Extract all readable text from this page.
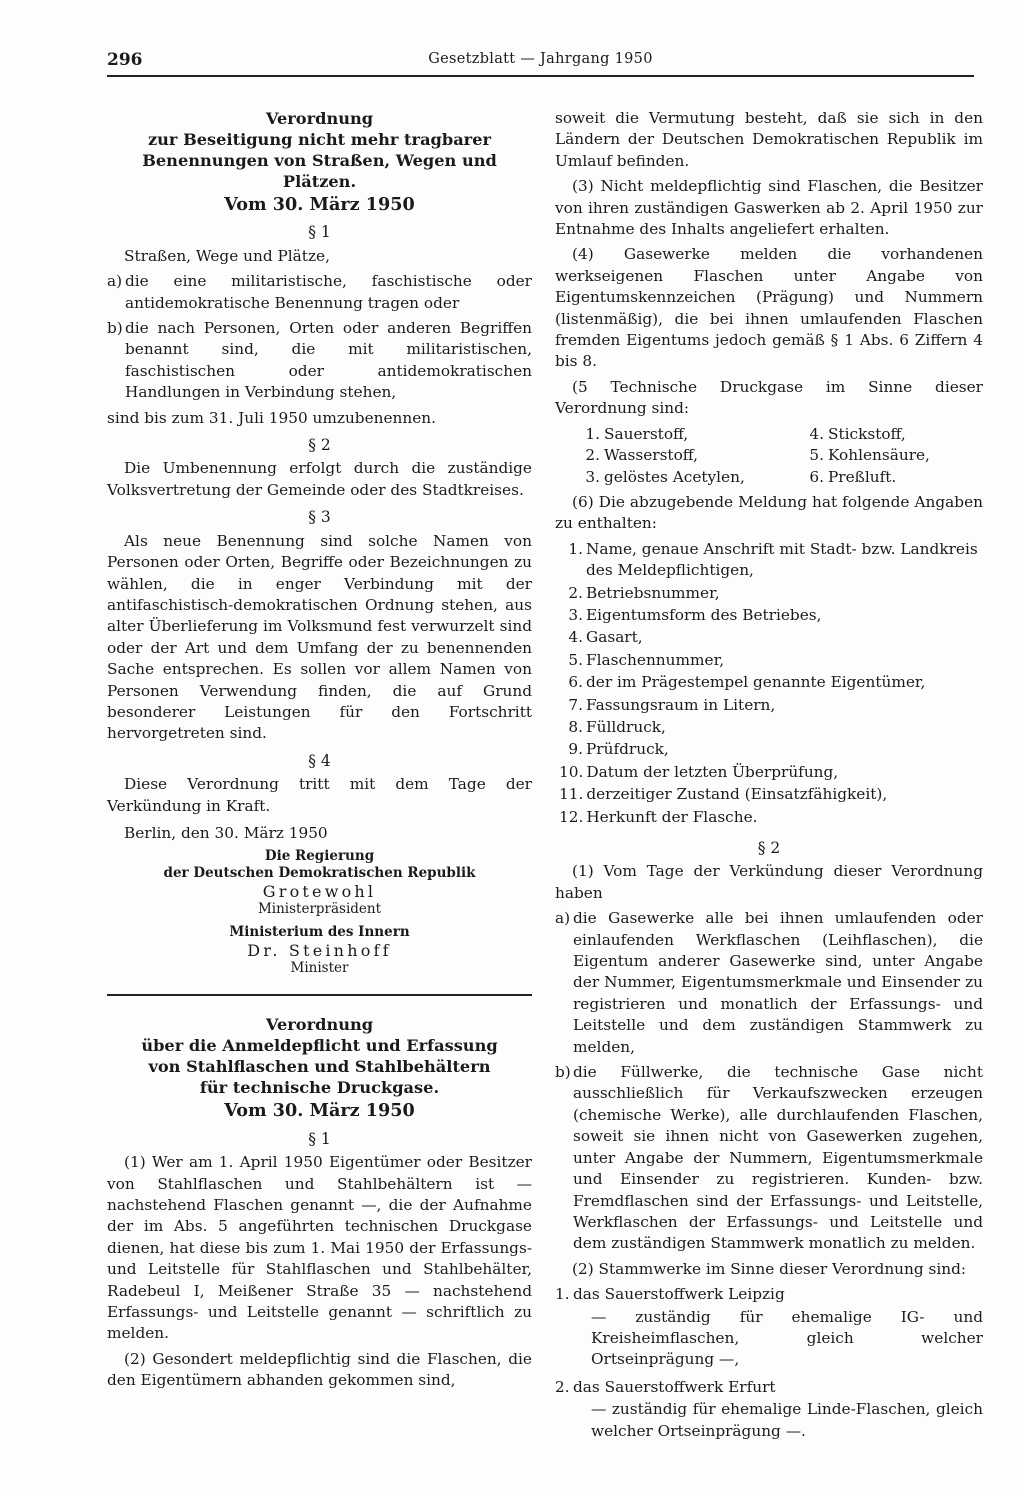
296	Gesetzblatt — Jahrgang 1950
Verordnung
zur Beseitigung nicht mehr tragbarer
Benennungen von Straßen, Wegen und Plätzen.
Vom 30. März 1950
§ 1

Straßen, Wege und Plätze,

a) die eine militaristische, faschistische oder antidemokratische Benennung tragen oder
b) die nach Personen, Orten oder anderen Begriffen benannt sind, die mit militaristischen, faschistischen oder antidemokratischen Handlungen in Verbindung stehen,

sind bis zum 31. Juli 1950 umzubenennen.

§ 2

Die Umbenennung erfolgt durch die zuständige Volksvertretung der Gemeinde oder des Stadtkreises.

§ 3

Als neue Benennung sind solche Namen von Personen oder Orten, Begriffe oder Bezeichnungen zu wählen, die in enger Verbindung mit der antifaschistisch-demokratischen Ordnung stehen, aus alter Überlieferung im Volksmund fest verwurzelt sind oder der Art und dem Umfang der zu benennenden Sache entsprechen. Es sollen vor allem Namen von Personen Verwendung finden, die auf Grund besonderer Leistungen für den Fortschritt hervorgetreten sind.

§ 4

Diese Verordnung tritt mit dem Tage der Verkündung in Kraft.

Berlin, den 30. März 1950

Die Regierung
der Deutschen Demokratischen Republik
Grotewohl
Ministerpräsident
Ministerium des Innern
Dr. Steinhoff
Minister
Verordnung
über die Anmeldepflicht und Erfassung
von Stahlflaschen und Stahlbehältern
für technische Druckgase.
Vom 30. März 1950
§ 1

(1) Wer am 1. April 1950 Eigentümer oder Besitzer von Stahlflaschen und Stahlbehältern ist — nachstehend Flaschen genannt —, die der Aufnahme der im Abs. 5 angeführten technischen Druckgase dienen, hat diese bis zum 1. Mai 1950 der Erfassungs- und Leitstelle für Stahlflaschen und Stahlbehälter, Radebeul I, Meißener Straße 35 — nachstehend Erfassungs- und Leitstelle genannt — schriftlich zu melden.

(2) Gesondert meldepflichtig sind die Flaschen, die den Eigentümern abhanden gekommen sind,

soweit die Vermutung besteht, daß sie sich in den Ländern der Deutschen Demokratischen Republik im Umlauf befinden.

(3) Nicht meldepflichtig sind Flaschen, die Besitzer von ihren zuständigen Gaswerken ab 2. April 1950 zur Entnahme des Inhalts angeliefert erhalten.

(4) Gasewerke melden die vorhandenen werkseigenen Flaschen unter Angabe von Eigentumskennzeichen (Prägung) und Nummern (listenmäßig), die bei ihnen umlaufenden Flaschen fremden Eigentums jedoch gemäß § 1 Abs. 6 Ziffern 4 bis 8.

(5 Technische Druckgase im Sinne dieser Verordnung sind:

1. Sauerstoff,	4. Stickstoff,
2. Wasserstoff,	5. Kohlensäure,
3. gelöstes Acetylen,	6. Preßluft.

(6) Die abzugebende Meldung hat folgende Angaben zu enthalten:

1. Name, genaue Anschrift mit Stadt- bzw. Landkreis des Meldepflichtigen,
2. Betriebsnummer,
3. Eigentumsform des Betriebes,
4. Gasart,
5. Flaschennummer,
6. der im Prägestempel genannte Eigentümer,
7. Fassungsraum in Litern,
8. Fülldruck,
9. Prüfdruck,
10. Datum der letzten Überprüfung,
11. derzeitiger Zustand (Einsatzfähigkeit),
12. Herkunft der Flasche.
§ 2

(1) Vom Tage der Verkündung dieser Verordnung haben

a) die Gasewerke alle bei ihnen umlaufenden oder einlaufenden Werkflaschen (Leihflaschen), die Eigentum anderer Gasewerke sind, unter Angabe der Nummer, Eigentumsmerkmale und Einsender zu registrieren und monatlich der Erfassungs- und Leitstelle und dem zuständigen Stammwerk zu melden,
b) die Füllwerke, die technische Gase nicht ausschließlich für Verkaufszwecken erzeugen (chemische Werke), alle durchlaufenden Flaschen, soweit sie ihnen nicht von Gasewerken zugehen, unter Angabe der Nummern, Eigentumsmerkmale und Einsender zu registrieren. Kunden- bzw. Fremdflaschen sind der Erfassungs- und Leitstelle, Werkflaschen der Erfassungs- und Leitstelle und dem zuständigen Stammwerk monatlich zu melden.

(2) Stammwerke im Sinne dieser Verordnung sind:

1. das Sauerstoffwerk Leipzig
— zuständig für ehemalige IG- und Kreisheimflaschen, gleich welcher Ortseinprägung —,
2. das Sauerstoffwerk Erfurt
— zuständig für ehemalige Linde-Flaschen, gleich welcher Ortseinprägung —.
